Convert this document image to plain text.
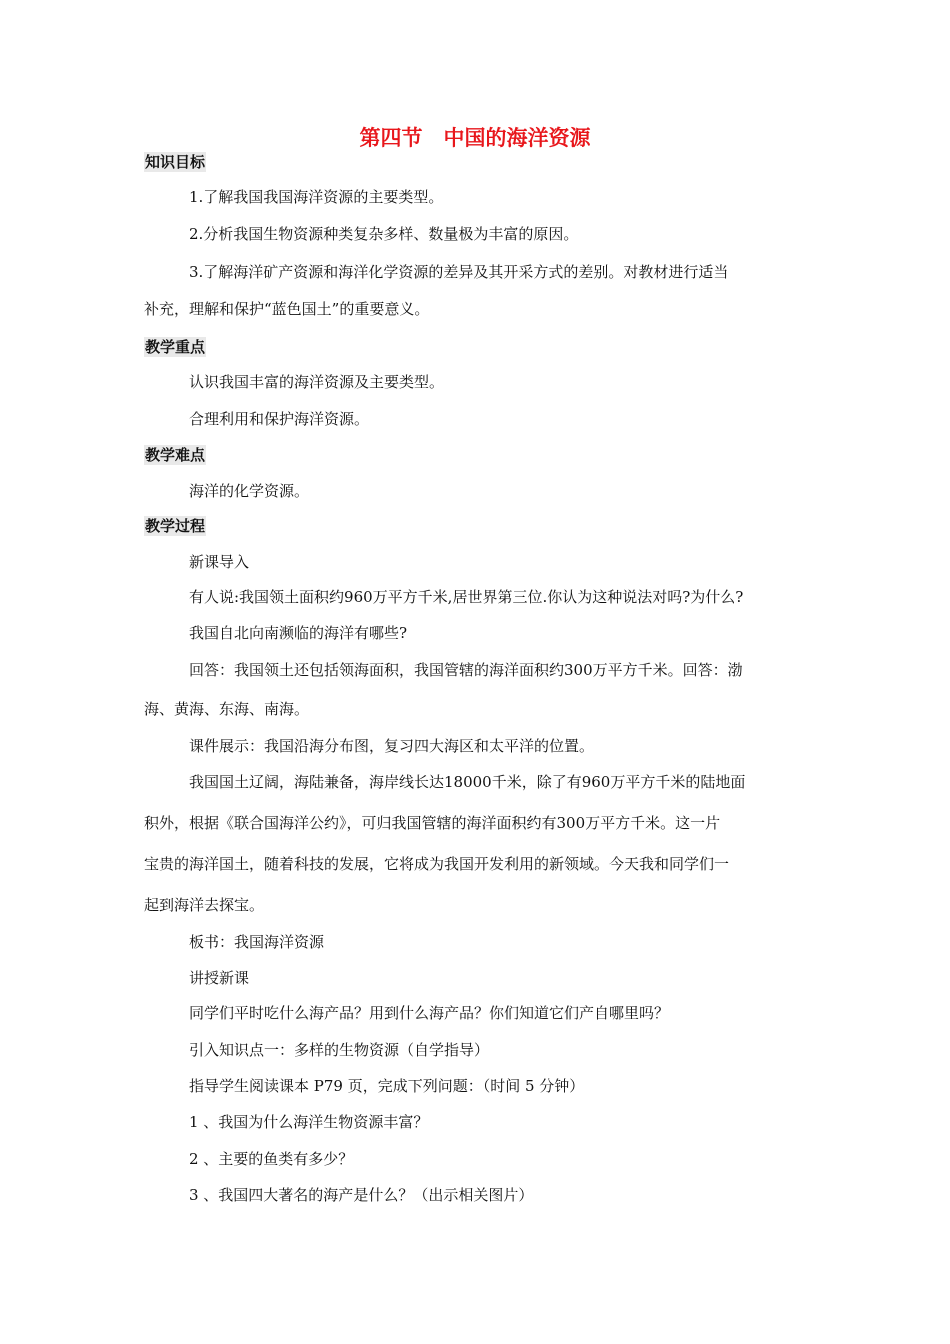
第四节　中国的海洋资源
知识目标
1.了解我国我国海洋资源的主要类型。
2.分析我国生物资源种类复杂多样、数量极为丰富的原因。
3.了解海洋矿产资源和海洋化学资源的差异及其开采方式的差别。对教材进行适当
补充，理解和保护“蓝色国土”的重要意义。
教学重点
认识我国丰富的海洋资源及主要类型。
合理利用和保护海洋资源。
教学难点
海洋的化学资源。
教学过程
新课导入
有人说:我国领土面积约960万平方千米,居世界第三位.你认为这种说法对吗?为什么?
我国自北向南濒临的海洋有哪些?
回答：我国领土还包括领海面积，我国管辖的海洋面积约300万平方千米。回答：渤
海、黄海、东海、南海。
课件展示：我国沿海分布图，复习四大海区和太平洋的位置。
我国国土辽阔，海陆兼备，海岸线长达18000千米，除了有960万平方千米的陆地面
积外，根据《联合国海洋公约》，可归我国管辖的海洋面积约有300万平方千米。这一片
宝贵的海洋国土，随着科技的发展，它将成为我国开发利用的新领域。今天我和同学们一
起到海洋去探宝。
板书：我国海洋资源
讲授新课
同学们平时吃什么海产品？用到什么海产品？你们知道它们产自哪里吗？
引入知识点一：多样的生物资源（自学指导）
指导学生阅读课本 P79 页，完成下列问题：（时间 5 分钟）
1 、我国为什么海洋生物资源丰富？
2 、主要的鱼类有多少？
3 、我国四大著名的海产是什么？（出示相关图片）
